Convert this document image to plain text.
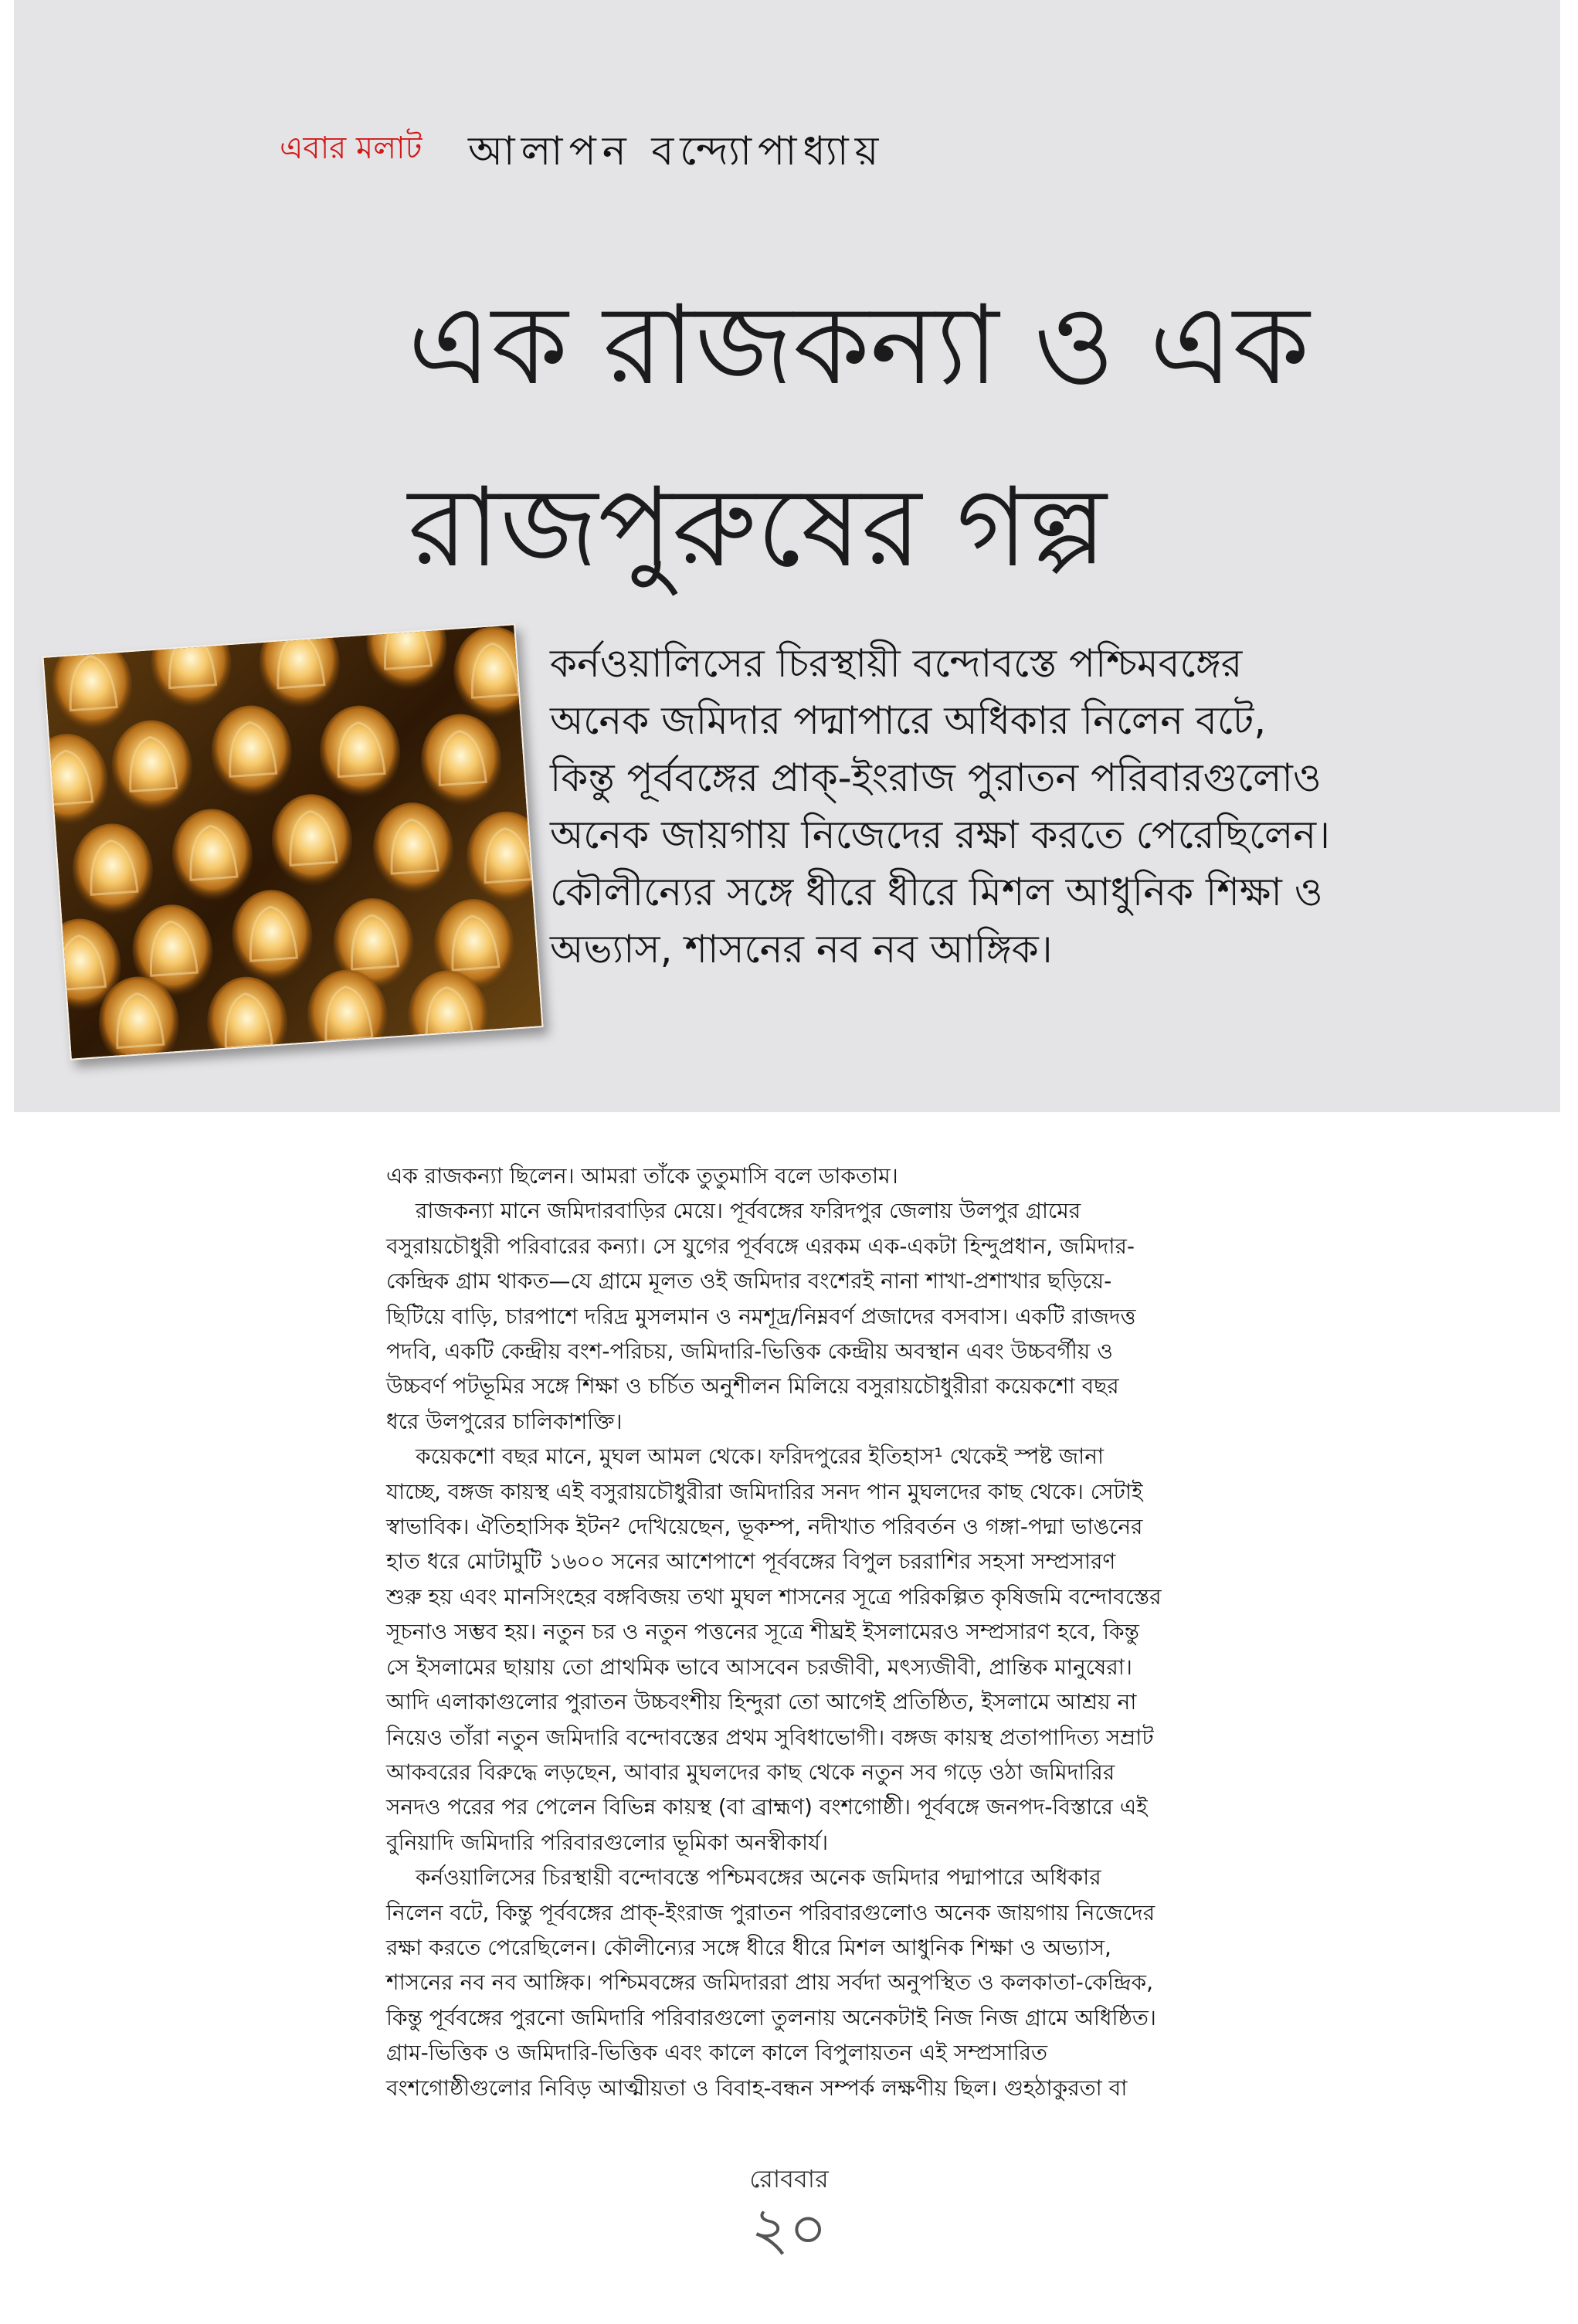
এবার মলাট আলাপন বন্দ্যোপাধ্যায়
এক রাজকন্যা ও এক
রাজপুরুষের গল্প

কর্নওয়ালিসের চিরস্থায়ী বন্দোবস্তে পশ্চিমবঙ্গের

অনেক জমিদার পদ্মাপারে অধিকার নিলেন বটে,

কিন্তু পূর্ববঙ্গের প্রাক্-ইংরাজ পুরাতন পরিবারগুলোও

অনেক জায়গায় নিজেদের রক্ষা করতে পেরেছিলেন।

কৌলীন্যের সঙ্গে ধীরে ধীরে মিশল আধুনিক শিক্ষা ও

অভ্যাস, শাসনের নব নব আঙ্গিক।

এক রাজকন্যা ছিলেন। আমরা তাঁকে তুতুমাসি বলে ডাকতাম।

রাজকন্যা মানে জমিদারবাড়ির মেয়ে। পূর্ববঙ্গের ফরিদপুর জেলায় উলপুর গ্রামের

বসুরায়চৌধুরী পরিবারের কন্যা। সে যুগের পূর্ববঙ্গে এরকম এক-একটা হিন্দুপ্রধান, জমিদার-

কেন্দ্রিক গ্রাম থাকত—যে গ্রামে মূলত ওই জমিদার বংশেরই নানা শাখা-প্রশাখার ছড়িয়ে-

ছিটিয়ে বাড়ি, চারপাশে দরিদ্র মুসলমান ও নমশূদ্র/নিম্নবর্ণ প্রজাদের বসবাস। একটি রাজদত্ত

পদবি, একটি কেন্দ্রীয় বংশ-পরিচয়, জমিদারি-ভিত্তিক কেন্দ্রীয় অবস্থান এবং উচ্চবর্গীয় ও

উচ্চবর্ণ পটভূমির সঙ্গে শিক্ষা ও চর্চিত অনুশীলন মিলিয়ে বসুরায়চৌধুরীরা কয়েকশো বছর

ধরে উলপুরের চালিকাশক্তি।

কয়েকশো বছর মানে, মুঘল আমল থেকে। ফরিদপুরের ইতিহাস¹ থেকেই স্পষ্ট জানা

যাচ্ছে, বঙ্গজ কায়স্থ এই বসুরায়চৌধুরীরা জমিদারির সনদ পান মুঘলদের কাছ থেকে। সেটাই

স্বাভাবিক। ঐতিহাসিক ইটন² দেখিয়েছেন, ভূকম্প, নদীখাত পরিবর্তন ও গঙ্গা-পদ্মা ভাঙনের

হাত ধরে মোটামুটি ১৬০০ সনের আশেপাশে পূর্ববঙ্গের বিপুল চররাশির সহসা সম্প্রসারণ

শুরু হয় এবং মানসিংহের বঙ্গবিজয় তথা মুঘল শাসনের সূত্রে পরিকল্পিত কৃষিজমি বন্দোবস্তের

সূচনাও সম্ভব হয়। নতুন চর ও নতুন পত্তনের সূত্রে শীঘ্রই ইসলামেরও সম্প্রসারণ হবে, কিন্তু

সে ইসলামের ছায়ায় তো প্রাথমিক ভাবে আসবেন চরজীবী, মৎস্যজীবী, প্রান্তিক মানুষেরা।

আদি এলাকাগুলোর পুরাতন উচ্চবংশীয় হিন্দুরা তো আগেই প্রতিষ্ঠিত, ইসলামে আশ্রয় না

নিয়েও তাঁরা নতুন জমিদারি বন্দোবস্তের প্রথম সুবিধাভোগী। বঙ্গজ কায়স্থ প্রতাপাদিত্য সম্রাট

আকবরের বিরুদ্ধে লড়ছেন, আবার মুঘলদের কাছ থেকে নতুন সব গড়ে ওঠা জমিদারির

সনদও পরের পর পেলেন বিভিন্ন কায়স্থ (বা ব্রাহ্মণ) বংশগোষ্ঠী। পূর্ববঙ্গে জনপদ-বিস্তারে এই

বুনিয়াদি জমিদারি পরিবারগুলোর ভূমিকা অনস্বীকার্য।

কর্নওয়ালিসের চিরস্থায়ী বন্দোবস্তে পশ্চিমবঙ্গের অনেক জমিদার পদ্মাপারে অধিকার

নিলেন বটে, কিন্তু পূর্ববঙ্গের প্রাক্-ইংরাজ পুরাতন পরিবারগুলোও অনেক জায়গায় নিজেদের

রক্ষা করতে পেরেছিলেন। কৌলীন্যের সঙ্গে ধীরে ধীরে মিশল আধুনিক শিক্ষা ও অভ্যাস,

শাসনের নব নব আঙ্গিক। পশ্চিমবঙ্গের জমিদাররা প্রায় সর্বদা অনুপস্থিত ও কলকাতা-কেন্দ্রিক,

কিন্তু পূর্ববঙ্গের পুরনো জমিদারি পরিবারগুলো তুলনায় অনেকটাই নিজ নিজ গ্রামে অধিষ্ঠিত।

গ্রাম-ভিত্তিক ও জমিদারি-ভিত্তিক এবং কালে কালে বিপুলায়তন এই সম্প্রসারিত

বংশগোষ্ঠীগুলোর নিবিড় আত্মীয়তা ও বিবাহ-বন্ধন সম্পর্ক লক্ষণীয় ছিল। গুহঠাকুরতা বা

রোববার
২০
